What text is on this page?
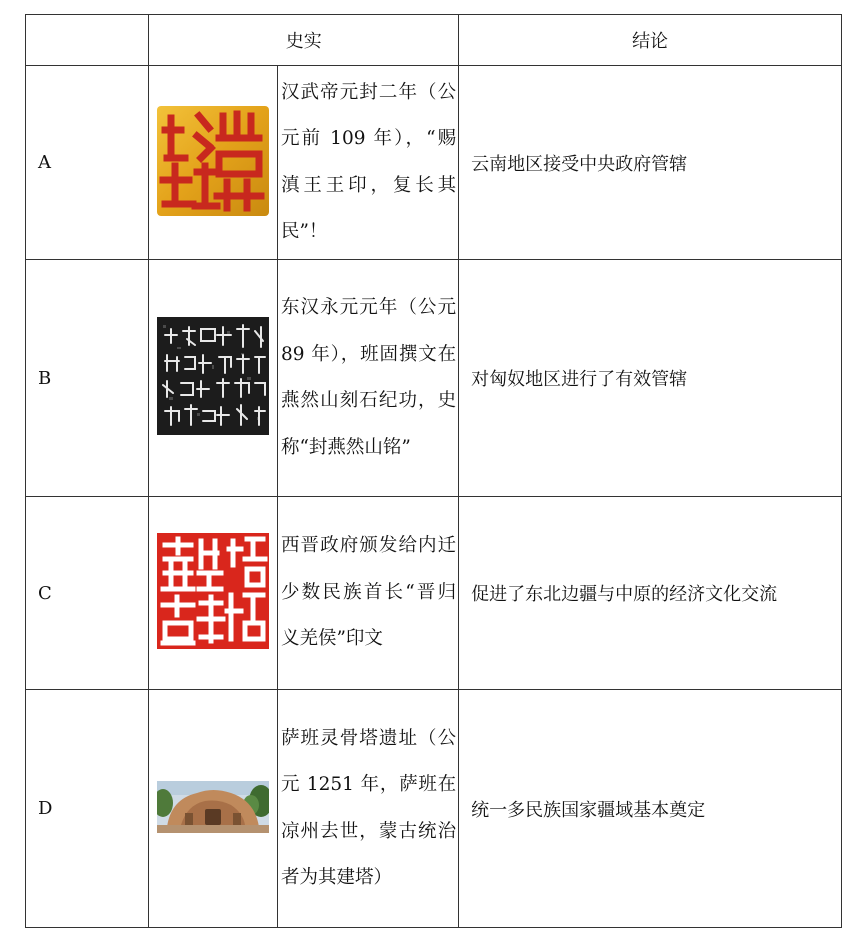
	史实		结论
A		汉武帝元封二年（公元前 109 年），“赐滇王王印，复长其民”！	云南地区接受中央政府管辖
B		东汉永元元年（公元 89 年），班固撰文在燕然山刻石纪功，史称“封燕然山铭”	对匈奴地区进行了有效管辖
C		西晋政府颁发给内迁少数民族首长“晋归义羌侯”印文	促进了东北边疆与中原的经济文化交流
D		萨班灵骨塔遗址（公元 1251 年，萨班在凉州去世，蒙古统治者为其建塔）	统一多民族国家疆域基本奠定
